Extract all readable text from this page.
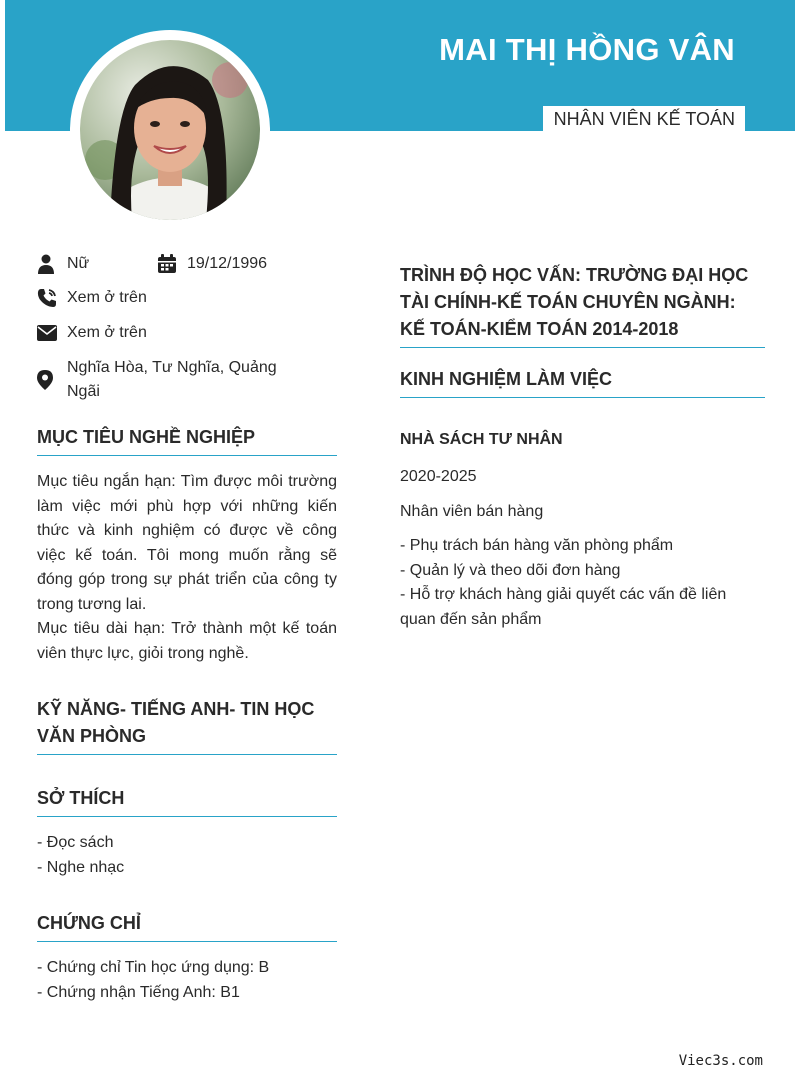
MAI THỊ HỒNG VÂN
NHÂN VIÊN KẾ TOÁN
Nữ	19/12/1996
Xem ở trên
Xem ở trên
Nghĩa Hòa, Tư Nghĩa, Quảng Ngãi
MỤC TIÊU NGHỀ NGHIỆP
Mục tiêu ngắn hạn: Tìm được môi trường làm việc mới phù hợp với những kiến thức và kinh nghiệm có được về công việc kế toán. Tôi mong muốn rằng sẽ đóng góp trong sự phát triển của công ty trong tương lai.
Mục tiêu dài hạn: Trở thành một kế toán viên thực lực, giỏi trong nghề.
KỸ NĂNG- TIẾNG ANH- TIN HỌC VĂN PHÒNG
SỞ THÍCH
- Đọc sách
- Nghe nhạc
CHỨNG CHỈ
- Chứng chỉ Tin học ứng dụng: B
- Chứng nhận Tiếng Anh: B1
TRÌNH ĐỘ HỌC VẤN: TRƯỜNG ĐẠI HỌC TÀI CHÍNH-KẾ TOÁN CHUYÊN NGÀNH: KẾ TOÁN-KIỂM TOÁN 2014-2018
KINH NGHIỆM LÀM VIỆC
NHÀ SÁCH TƯ NHÂN
2020-2025
Nhân viên bán hàng
- Phụ trách bán hàng văn phòng phẩm
- Quản lý và theo dõi đơn hàng
- Hỗ trợ khách hàng giải quyết các vấn đề liên quan đến sản phẩm
Viec3s.com
